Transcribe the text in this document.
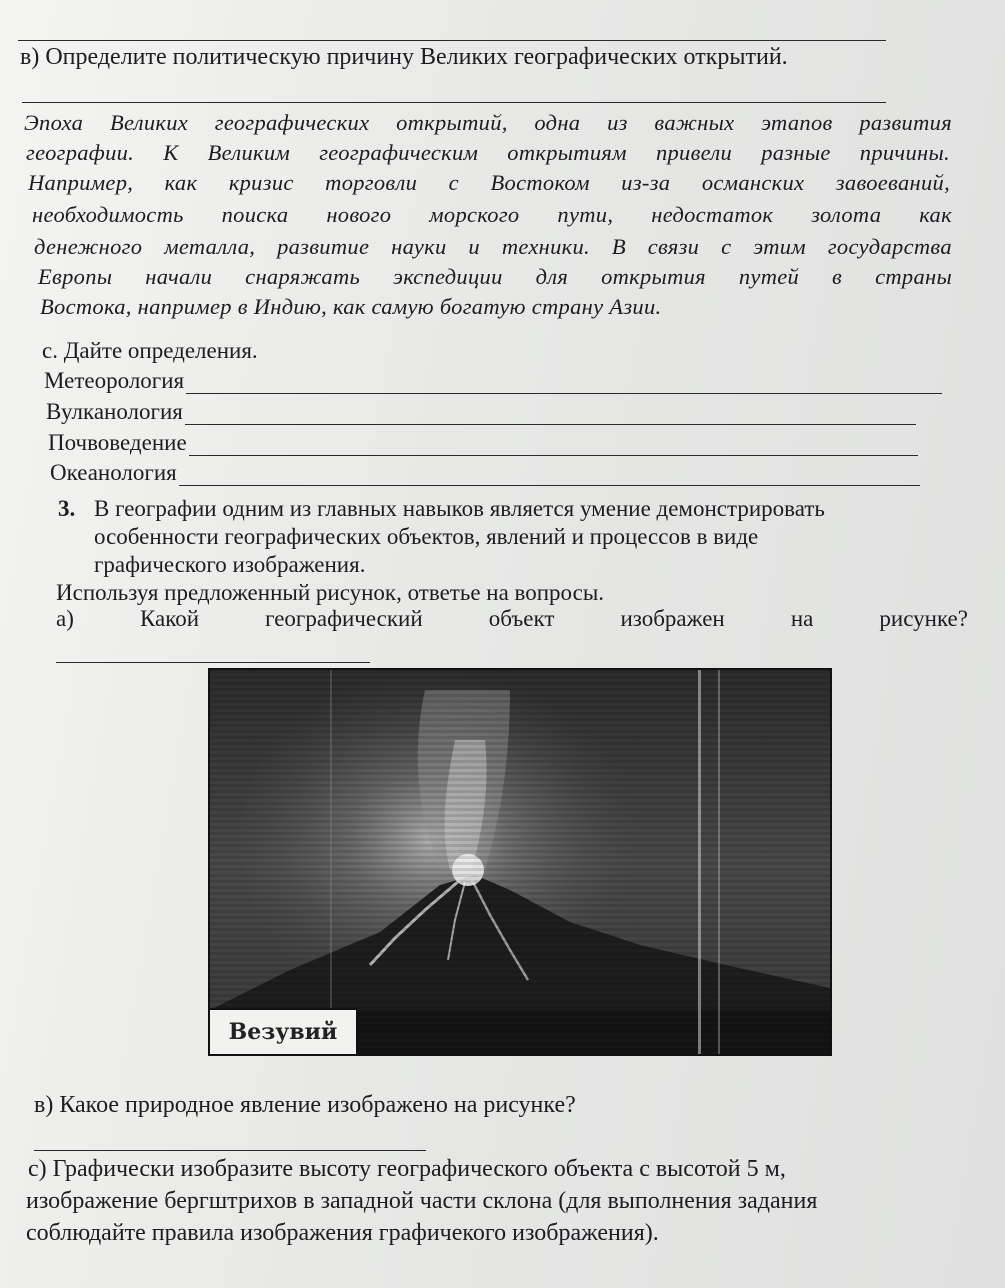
в) Определите политическую причину Великих географических открытий.
Эпоха Великих географических открытий, одна из важных этапов развития
географии. К Великим географическим открытиям привели разные причины.
Например, как кризис торговли с Востоком из-за османских завоеваний,
необходимость поиска нового морского пути, недостаток золота как
денежного металла, развитие науки и техники. В связи с этим государства
Европы начали снаряжать экспедиции для открытия путей в страны
Востока, например в Индию, как самую богатую страну Азии.
с. Дайте определения.
Метеорология
Вулканология
Почвоведение
Океанология
3. В географии одним из главных навыков является умение демонстрировать
особенности географических объектов, явлений и процессов в виде
графического изображения.
Используя предложенный рисунок, ответье на вопросы.
а)	Какой	географический	объект	изображен	на	рисунке?
Везувий
в) Какое природное явление изображено на рисунке?
с) Графически изобразите высоту географического объекта с высотой 5 м,
изображение бергштрихов в западной части склона (для выполнения задания
соблюдайте правила изображения графичекого изображения).
